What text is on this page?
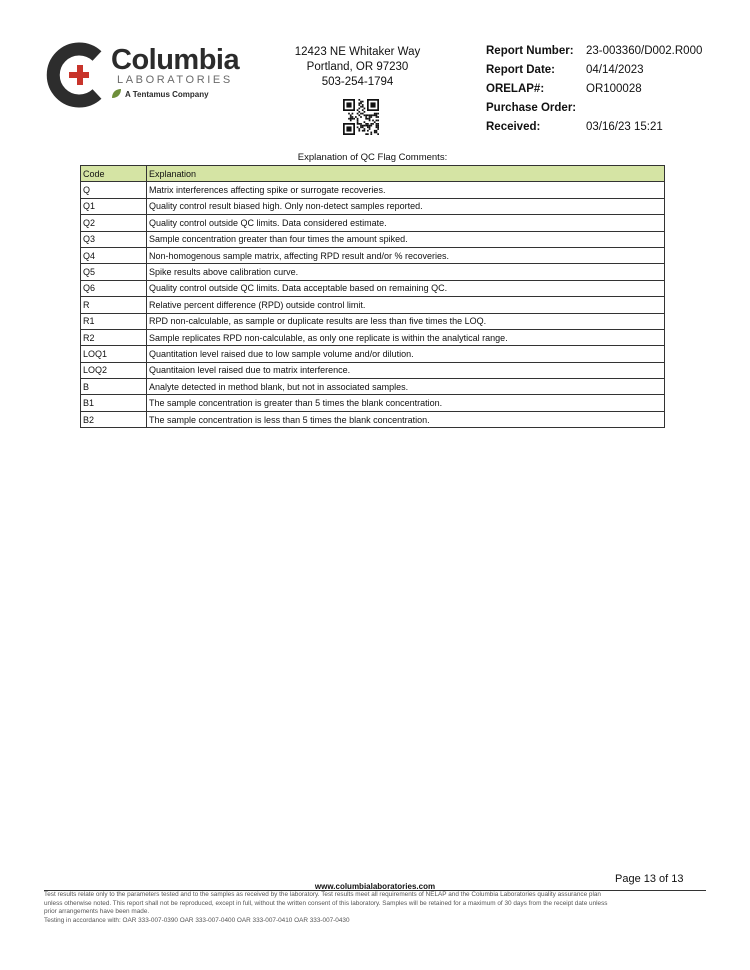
Columbia
LABORATORIES
A Tentamus Company
12423 NE Whitaker Way
Portland, OR 97230
503-254-1794
Report Number: 23-003360/D002.R000
Report Date:	04/14/2023
ORELAP#:	OR100028
Purchase Order:
Received:	03/16/23 15:21
Explanation of QC Flag Comments:
Code	Explanation
Q	Matrix interferences affecting spike or surrogate recoveries.
Q1	Quality control result biased high. Only non-detect samples reported.
Q2	Quality control outside QC limits. Data considered estimate.
Q3	Sample concentration greater than four times the amount spiked.
Q4	Non-homogenous sample matrix, affecting RPD result and/or % recoveries.
Q5	Spike results above calibration curve.
Q6	Quality control outside QC limits. Data acceptable based on remaining QC.
R	Relative percent difference (RPD) outside control limit.
R1	RPD non-calculable, as sample or duplicate results are less than five times the LOQ.
R2	Sample replicates RPD non-calculable, as only one replicate is within the analytical range.
LOQ1	Quantitation level raised due to low sample volume and/or dilution.
LOQ2	Quantitaion level raised due to matrix interference.
B	Analyte detected in method blank, but not in associated samples.
B1	The sample concentration is greater than 5 times the blank concentration.
B2	The sample concentration is less than 5 times the blank concentration.
Page 13 of 13
www.columbialaboratories.com
Test results relate only to the parameters tested and to the samples as received by the laboratory. Test results meet all requirements of NELAP and the Columbia Laboratories quality assurance plan
unless otherwise noted. This report shall not be reproduced, except in full, without the written consent of this laboratory. Samples will be retained for a maximum of 30 days from the receipt date unless
prior arrangements have been made.
Testing in accordance with: OAR 333-007-0390 OAR 333-007-0400 OAR 333-007-0410 OAR 333-007-0430
